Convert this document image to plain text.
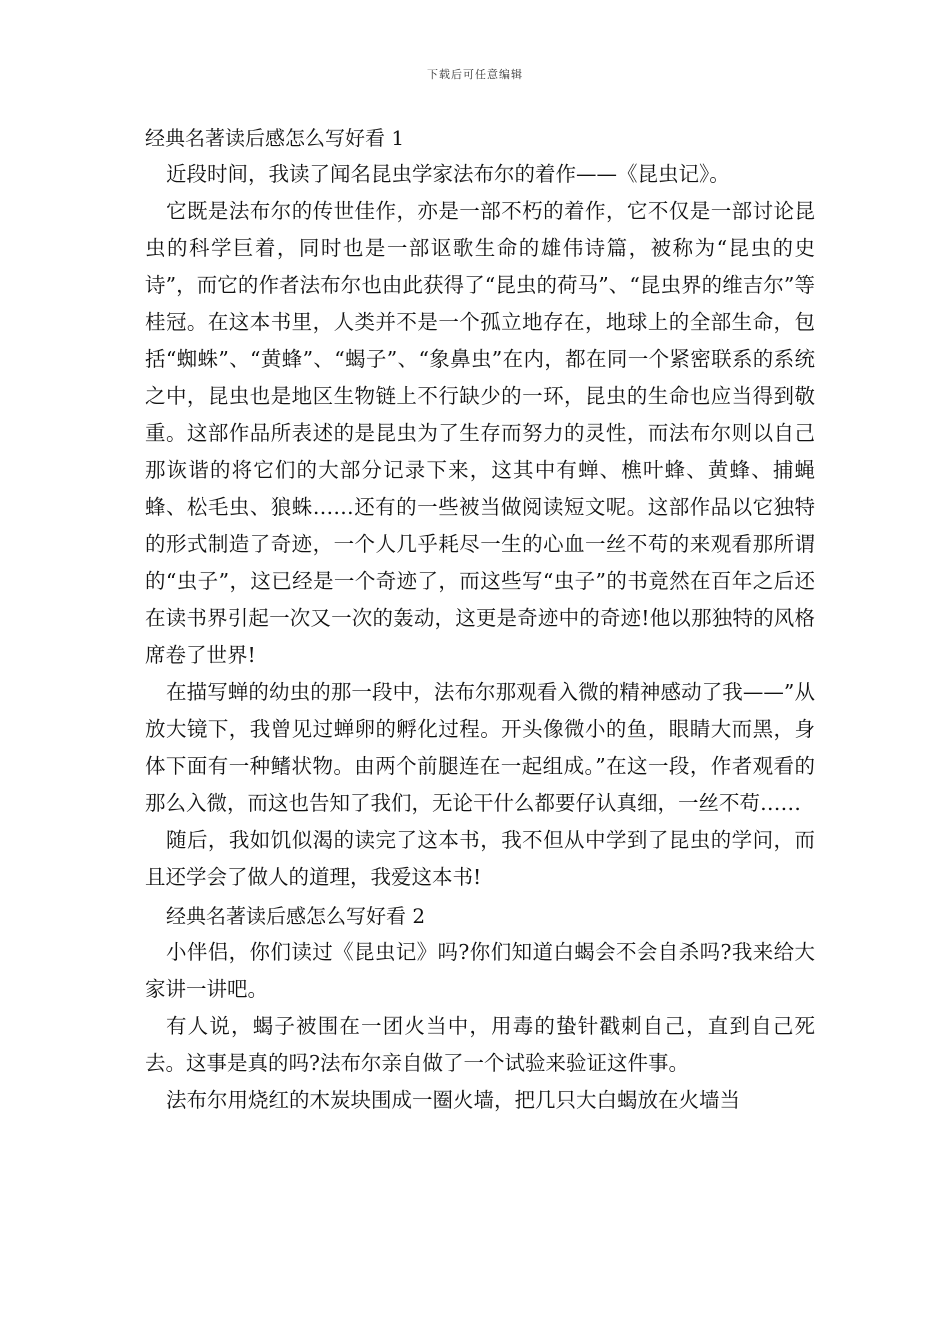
下载后可任意编辑
经典名著读后感怎么写好看 1

近段时间，我读了闻名昆虫学家法布尔的着作——《昆虫记》。

它既是法布尔的传世佳作，亦是一部不朽的着作，它不仅是一部讨论昆虫的科学巨着，同时也是一部讴歌生命的雄伟诗篇，被称为“昆虫的史诗”，而它的作者法布尔也由此获得了“昆虫的荷马”、“昆虫界的维吉尔”等桂冠。在这本书里，人类并不是一个孤立地存在，地球上的全部生命，包括“蜘蛛”、“黄蜂”、“蝎子”、“象鼻虫”在内，都在同一个紧密联系的系统之中，昆虫也是地区生物链上不行缺少的一环，昆虫的生命也应当得到敬重。这部作品所表述的是昆虫为了生存而努力的灵性，而法布尔则以自己那诙谐的将它们的大部分记录下来，这其中有蝉、樵叶蜂、黄蜂、捕蝇蜂、松毛虫、狼蛛……还有的一些被当做阅读短文呢。这部作品以它独特的形式制造了奇迹，一个人几乎耗尽一生的心血一丝不苟的来观看那所谓的“虫子”，这已经是一个奇迹了，而这些写“虫子”的书竟然在百年之后还在读书界引起一次又一次的轰动，这更是奇迹中的奇迹!他以那独特的风格席卷了世界!

在描写蝉的幼虫的那一段中，法布尔那观看入微的精神感动了我——”从放大镜下，我曾见过蝉卵的孵化过程。开头像微小的鱼，眼睛大而黑，身体下面有一种鳍状物。由两个前腿连在一起组成。”在这一段，作者观看的那么入微，而这也告知了我们，无论干什么都要仔认真细，一丝不苟……

随后，我如饥似渴的读完了这本书，我不但从中学到了昆虫的学问，而且还学会了做人的道理，我爱这本书!

经典名著读后感怎么写好看 2

小伴侣，你们读过《昆虫记》吗?你们知道白蝎会不会自杀吗?我来给大家讲一讲吧。

有人说，蝎子被围在一团火当中，用毒的蛰针戳刺自己，直到自己死去。这事是真的吗?法布尔亲自做了一个试验来验证这件事。

法布尔用烧红的木炭块围成一圈火墙，把几只大白蝎放在火墙当
